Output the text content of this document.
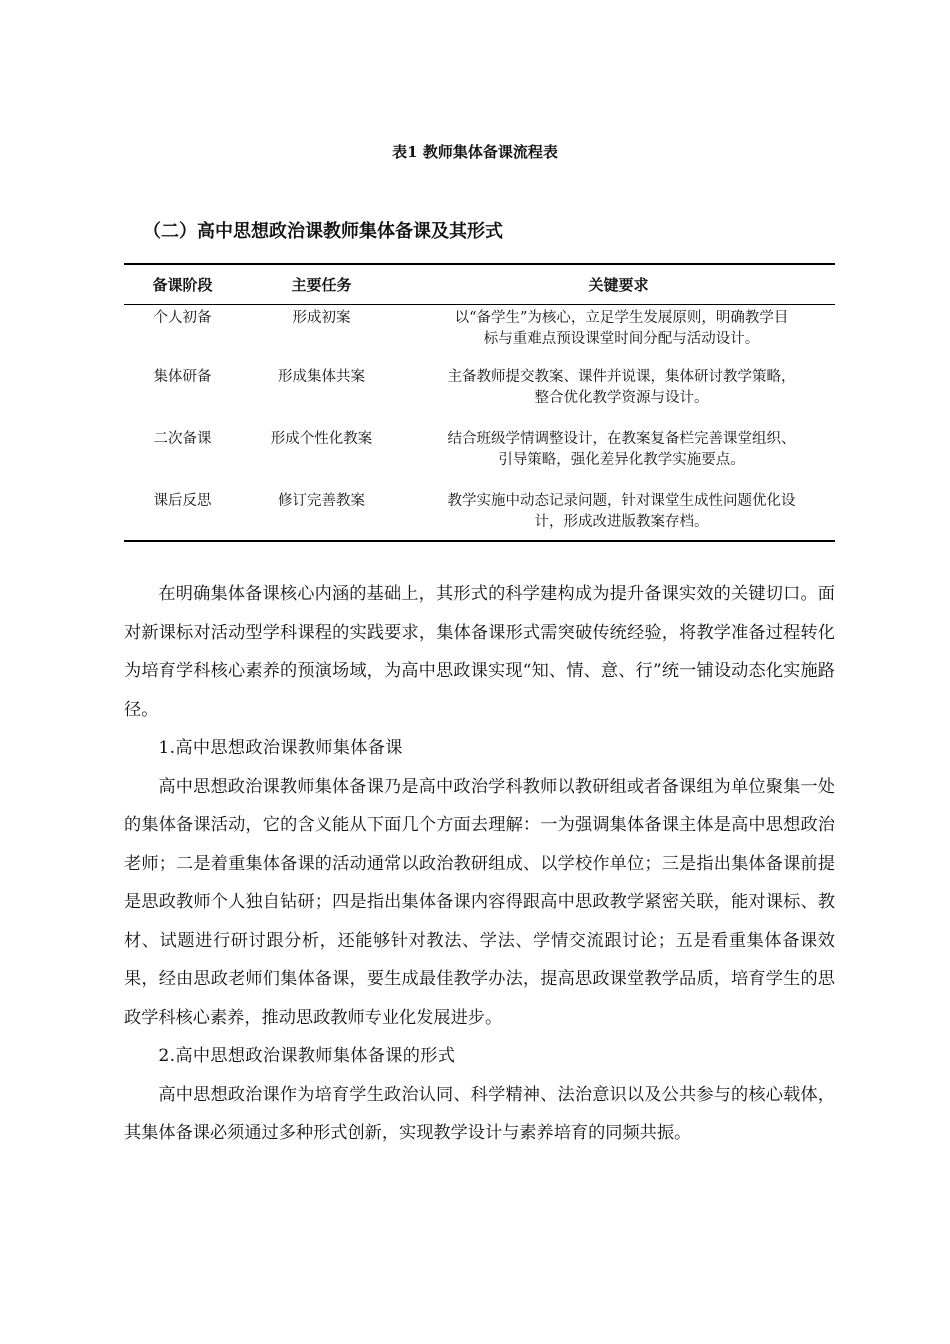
表1 教师集体备课流程表
（二）高中思想政治课教师集体备课及其形式
备课阶段	主要任务	关键要求
个人初备	形成初案	以“备学生”为核心，立足学生发展原则，明确教学目
标与重难点预设课堂时间分配与活动设计。

集体研备	形成集体共案	主备教师提交教案、课件并说课，集体研讨教学策略，
整合优化教学资源与设计。

二次备课	形成个性化教案	结合班级学情调整设计，在教案复备栏完善课堂组织、
引导策略，强化差异化教学实施要点。

课后反思	修订完善教案	教学实施中动态记录问题，针对课堂生成性问题优化设
计，形成改进版教案存档。

在明确集体备课核心内涵的基础上，其形式的科学建构成为提升备课实效的关键切口。面对新课标对活动型学科课程的实践要求，集体备课形式需突破传统经验，将教学准备过程转化为培育学科核心素养的预演场域，为高中思政课实现“知、情、意、行”统一铺设动态化实施路径。

1.高中思想政治课教师集体备课

高中思想政治课教师集体备课乃是高中政治学科教师以教研组或者备课组为单位聚集一处的集体备课活动，它的含义能从下面几个方面去理解：一为强调集体备课主体是高中思想政治老师；二是着重集体备课的活动通常以政治教研组成、以学校作单位；三是指出集体备课前提是思政教师个人独自钻研；四是指出集体备课内容得跟高中思政教学紧密关联，能对课标、教材、试题进行研讨跟分析，还能够针对教法、学法、学情交流跟讨论；五是看重集体备课效果，经由思政老师们集体备课，要生成最佳教学办法，提高思政课堂教学品质，培育学生的思政学科核心素养，推动思政教师专业化发展进步。

2.高中思想政治课教师集体备课的形式

高中思想政治课作为培育学生政治认同、科学精神、法治意识以及公共参与的核心载体，其集体备课必须通过多种形式创新，实现教学设计与素养培育的同频共振。
